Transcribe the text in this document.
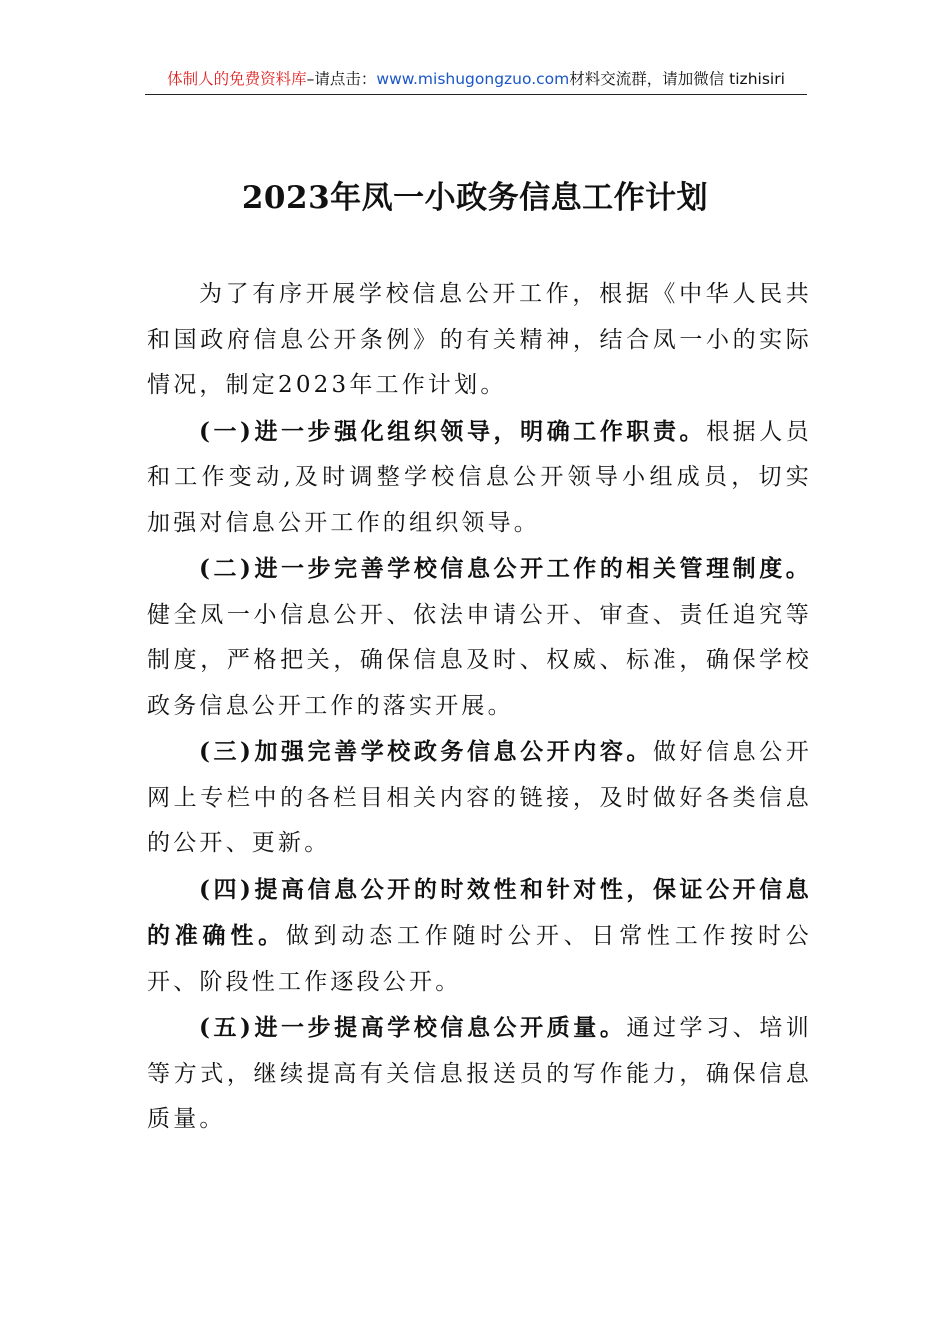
体制人的免费资料库–请点击：www.mishugongzuo.com材料交流群，请加微信 tizhisiri
2023年凤一小政务信息工作计划

为了有序开展学校信息公开工作，根据《中华人民共和国政府信息公开条例》的有关精神，结合凤一小的实际情况，制定2023年工作计划。

(一)进一步强化组织领导，明确工作职责。根据人员和工作变动,及时调整学校信息公开领导小组成员，切实加强对信息公开工作的组织领导。

(二)进一步完善学校信息公开工作的相关管理制度。健全凤一小信息公开、依法申请公开、审查、责任追究等制度，严格把关，确保信息及时、权威、标准，确保学校政务信息公开工作的落实开展。

(三)加强完善学校政务信息公开内容。做好信息公开网上专栏中的各栏目相关内容的链接，及时做好各类信息的公开、更新。

(四)提高信息公开的时效性和针对性，保证公开信息的准确性。做到动态工作随时公开、日常性工作按时公开、阶段性工作逐段公开。

(五)进一步提高学校信息公开质量。通过学习、培训等方式，继续提高有关信息报送员的写作能力，确保信息质量。
